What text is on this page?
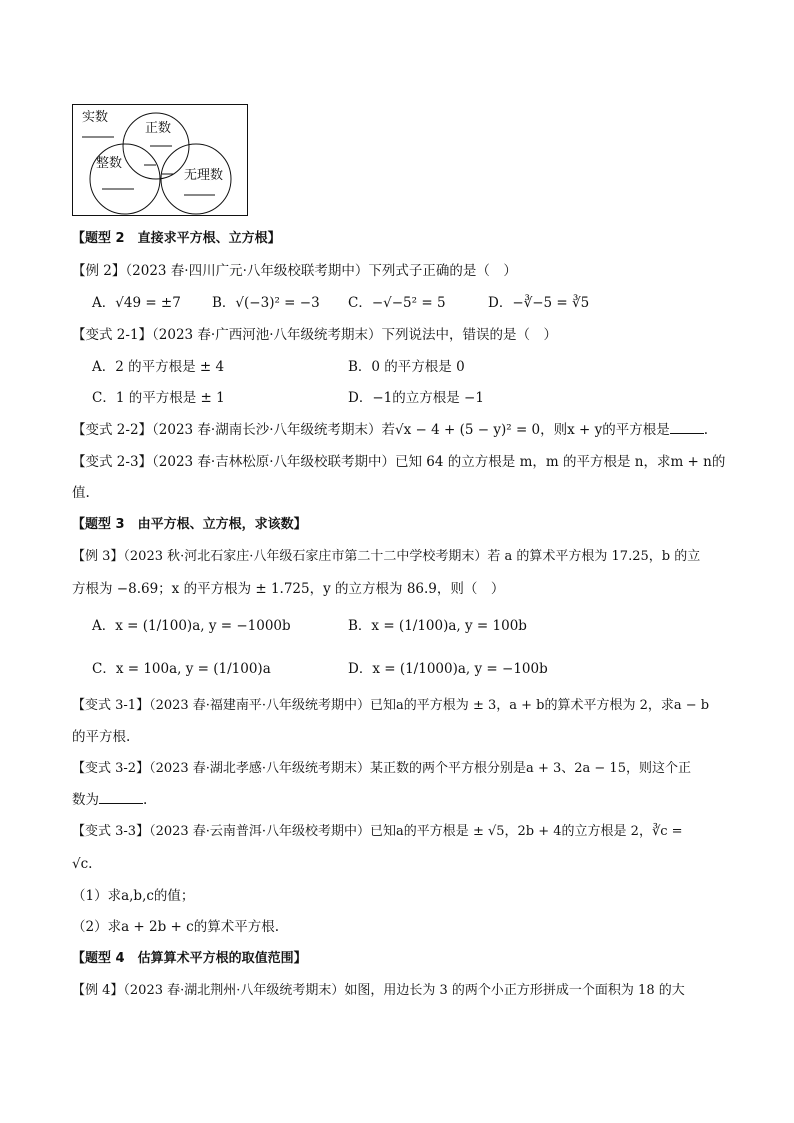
实数
正数
整数
无理数
【题型 2　直接求平方根、立方根】
【例 2】（2023 春·四川广元·八年级校联考期中）下列式子正确的是（　）
A．√49 = ±7 B．√(−3)² = −3 C．−√−5² = 5	D．−∛−5 = ∛5
【变式 2-1】（2023 春·广西河池·八年级统考期末）下列说法中，错误的是（　）
A．2 的平方根是 ± 4	B．0 的平方根是 0
C．1 的平方根是 ± 1	D．−1的立方根是 −1
【变式 2-2】（2023 春·湖南长沙·八年级统考期末）若√x − 4 + (5 − y)² = 0，则x + y的平方根是	.
【变式 2-3】（2023 春·吉林松原·八年级校联考期中）已知 64 的立方根是 m，m 的平方根是 n，求m + n的
值.
【题型 3　由平方根、立方根，求该数】
【例 3】（2023 秋·河北石家庄·八年级石家庄市第二十二中学校考期末）若 a 的算术平方根为 17.25，b 的立
方根为 −8.69；x 的平方根为 ± 1.725，y 的立方根为 86.9，则（　）
A．x = (1/100)a, y = −1000b	B．x = (1/100)a, y = 100b
C．x = 100a, y = (1/100)a	D．x = (1/1000)a, y = −100b
【变式 3-1】（2023 春·福建南平·八年级统考期中）已知a的平方根为 ± 3，a + b的算术平方根为 2，求a − b
的平方根.
【变式 3-2】（2023 春·湖北孝感·八年级统考期末）某正数的两个平方根分别是a + 3、2a − 15，则这个正
数为	.
【变式 3-3】（2023 春·云南普洱·八年级校考期中）已知a的平方根是 ± √5，2b + 4的立方根是 2，∛c =
√c.
（1）求a,b,c的值；
（2）求a + 2b + c的算术平方根.
【题型 4　估算算术平方根的取值范围】
【例 4】（2023 春·湖北荆州·八年级统考期末）如图，用边长为 3 的两个小正方形拼成一个面积为 18 的大
